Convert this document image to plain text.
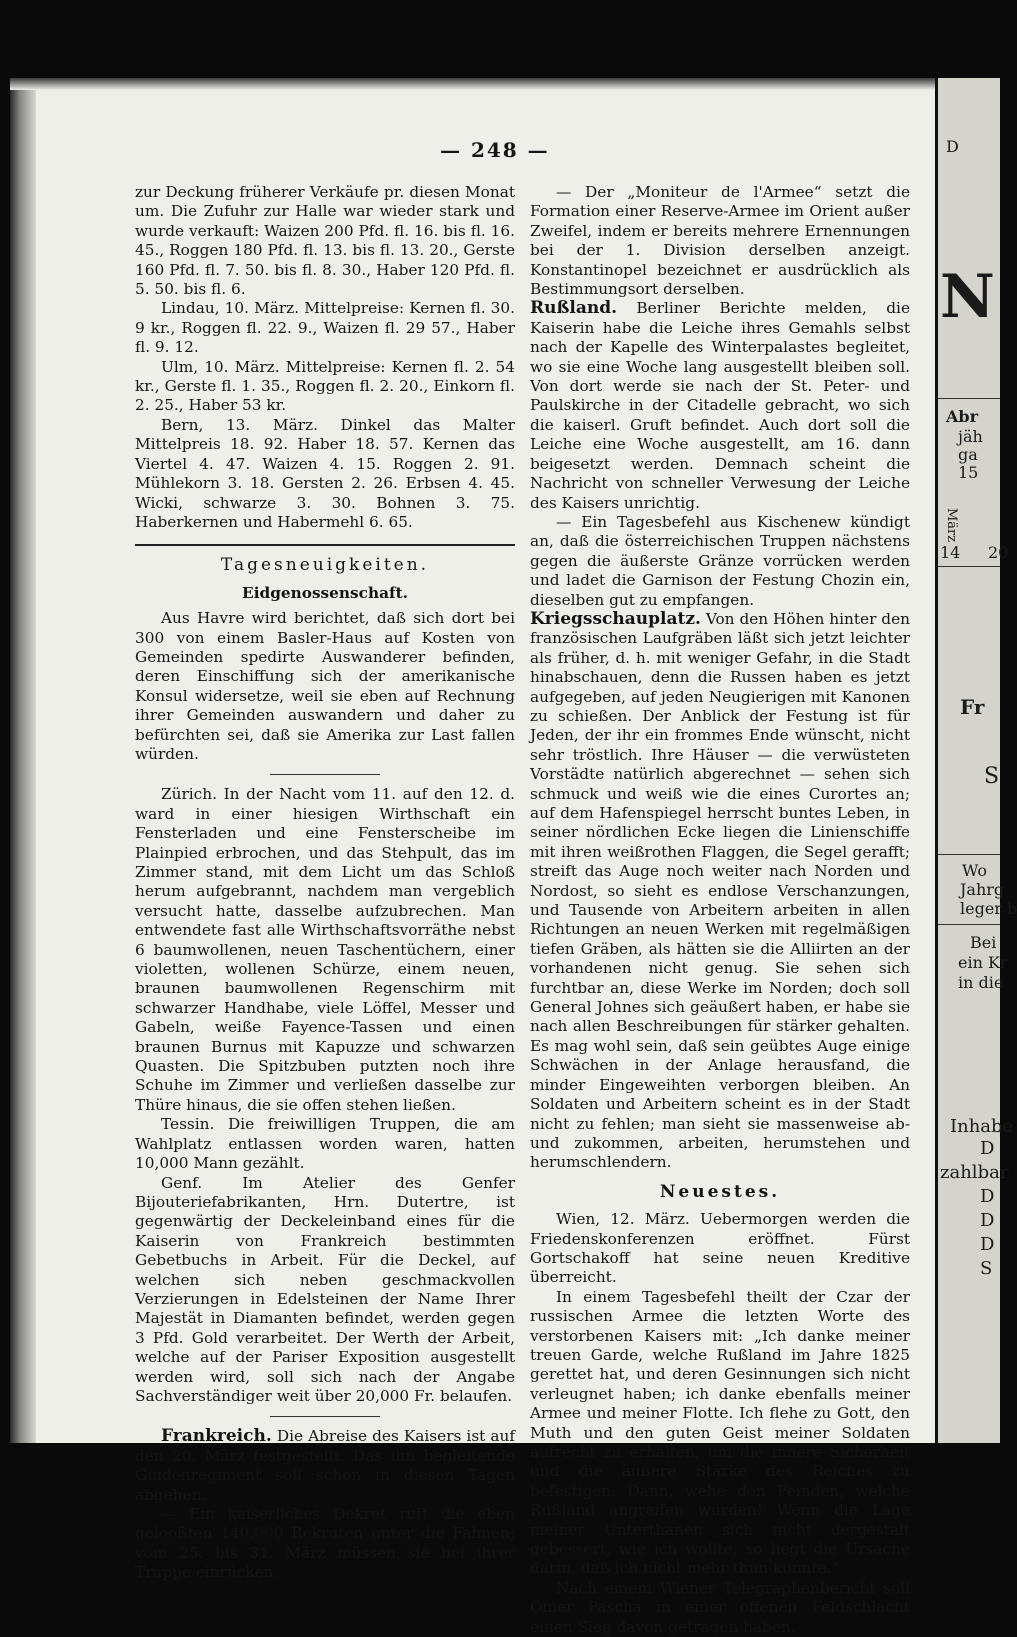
— 248 —

zur Deckung früherer Verkäufe pr. diesen Monat um. Die Zufuhr zur Halle war wieder stark und wurde verkauft: Waizen 200 Pfd. fl. 16. bis fl. 16. 45., Roggen 180 Pfd. fl. 13. bis fl. 13. 20., Gerste 160 Pfd. fl. 7. 50. bis fl. 8. 30., Haber 120 Pfd. fl. 5. 50. bis fl. 6.

Lindau, 10. März. Mittelpreise: Kernen fl. 30. 9 kr., Roggen fl. 22. 9., Waizen fl. 29 57., Haber fl. 9. 12.

Ulm, 10. März. Mittelpreise: Kernen fl. 2. 54 kr., Gerste fl. 1. 35., Roggen fl. 2. 20., Einkorn fl. 2. 25., Haber 53 kr.

Bern, 13. März. Dinkel das Malter Mittelpreis 18. 92. Haber 18. 57. Kernen das Viertel 4. 47. Waizen 4. 15. Roggen 2. 91. Mühlekorn 3. 18. Gersten 2. 26. Erbsen 4. 45. Wicki, schwarze 3. 30. Bohnen 3. 75. Haberkernen und Habermehl 6. 65.

Tagesneuigkeiten.

Eidgenossenschaft.

Aus Havre wird berichtet, daß sich dort bei 300 von einem Basler-Haus auf Kosten von Gemeinden spedirte Auswanderer befinden, deren Einschiffung sich der amerikanische Konsul widersetze, weil sie eben auf Rechnung ihrer Gemeinden auswandern und daher zu befürchten sei, daß sie Amerika zur Last fallen würden.

Zürich. In der Nacht vom 11. auf den 12. d. ward in einer hiesigen Wirthschaft ein Fensterladen und eine Fensterscheibe im Plainpied erbrochen, und das Stehpult, das im Zimmer stand, mit dem Licht um das Schloß herum aufgebrannt, nachdem man vergeblich versucht hatte, dasselbe aufzubrechen. Man entwendete fast alle Wirthschaftsvorräthe nebst 6 baumwollenen, neuen Taschentüchern, einer violetten, wollenen Schürze, einem neuen, braunen baumwollenen Regenschirm mit schwarzer Handhabe, viele Löffel, Messer und Gabeln, weiße Fayence-Tassen und einen braunen Burnus mit Kapuzze und schwarzen Quasten. Die Spitzbuben putzten noch ihre Schuhe im Zimmer und verließen dasselbe zur Thüre hinaus, die sie offen stehen ließen.

Tessin. Die freiwilligen Truppen, die am Wahlplatz entlassen worden waren, hatten 10,000 Mann gezählt.

Genf. Im Atelier des Genfer Bijouteriefabrikanten, Hrn. Dutertre, ist gegenwärtig der Deckeleinband eines für die Kaiserin von Frankreich bestimmten Gebetbuchs in Arbeit. Für die Deckel, auf welchen sich neben geschmackvollen Verzierungen in Edelsteinen der Name Ihrer Majestät in Diamanten befindet, werden gegen 3 Pfd. Gold verarbeitet. Der Werth der Arbeit, welche auf der Pariser Exposition ausgestellt werden wird, soll sich nach der Angabe Sachverständiger weit über 20,000 Fr. belaufen.

Frankreich. Die Abreise des Kaisers ist auf den 20. März festgestellt. Das ihn begleitende Guidenregiment soll schon in diesen Tagen abgehen.

— Ein kaiserliches Dekret ruft die eben gelooßten 140,000 Rekruten unter die Fahnen; vom 25. bis 31. März müssen sie bei ihrer Truppe einrücken.

— Der „Moniteur de l'Armee“ setzt die Formation einer Reserve-Armee im Orient außer Zweifel, indem er bereits mehrere Ernennungen bei der 1. Division derselben anzeigt. Konstantinopel bezeichnet er ausdrücklich als Bestimmungsort derselben.

Rußland. Berliner Berichte melden, die Kaiserin habe die Leiche ihres Gemahls selbst nach der Kapelle des Winterpalastes begleitet, wo sie eine Woche lang ausgestellt bleiben soll. Von dort werde sie nach der St. Peter- und Paulskirche in der Citadelle gebracht, wo sich die kaiserl. Gruft befindet. Auch dort soll die Leiche eine Woche ausgestellt, am 16. dann beigesetzt werden. Demnach scheint die Nachricht von schneller Verwesung der Leiche des Kaisers unrichtig.

— Ein Tagesbefehl aus Kischenew kündigt an, daß die österreichischen Truppen nächstens gegen die äußerste Gränze vorrücken werden und ladet die Garnison der Festung Chozin ein, dieselben gut zu empfangen.

Kriegsschauplatz. Von den Höhen hinter den französischen Laufgräben läßt sich jetzt leichter als früher, d. h. mit weniger Gefahr, in die Stadt hinabschauen, denn die Russen haben es jetzt aufgegeben, auf jeden Neugierigen mit Kanonen zu schießen. Der Anblick der Festung ist für Jeden, der ihr ein frommes Ende wünscht, nicht sehr tröstlich. Ihre Häuser — die verwüsteten Vorstädte natürlich abgerechnet — sehen sich schmuck und weiß wie die eines Curortes an; auf dem Hafenspiegel herrscht buntes Leben, in seiner nördlichen Ecke liegen die Linienschiffe mit ihren weißrothen Flaggen, die Segel gerafft; streift das Auge noch weiter nach Norden und Nordost, so sieht es endlose Verschanzungen, und Tausende von Arbeitern arbeiten in allen Richtungen an neuen Werken mit regelmäßigen tiefen Gräben, als hätten sie die Alliirten an der vorhandenen nicht genug. Sie sehen sich furchtbar an, diese Werke im Norden; doch soll General Johnes sich geäußert haben, er habe sie nach allen Beschreibungen für stärker gehalten. Es mag wohl sein, daß sein geübtes Auge einige Schwächen in der Anlage herausfand, die minder Eingeweihten verborgen bleiben. An Soldaten und Arbeitern scheint es in der Stadt nicht zu fehlen; man sieht sie massenweise ab- und zukommen, arbeiten, herumstehen und herumschlendern.

Neuestes.

Wien, 12. März. Uebermorgen werden die Friedenskonferenzen eröffnet. Fürst Gortschakoff hat seine neuen Kreditive überreicht.

In einem Tagesbefehl theilt der Czar der russischen Armee die letzten Worte des verstorbenen Kaisers mit: „Ich danke meiner treuen Garde, welche Rußland im Jahre 1825 gerettet hat, und deren Gesinnungen sich nicht verleugnet haben; ich danke ebenfalls meiner Armee und meiner Flotte. Ich flehe zu Gott, den Muth und den guten Geist meiner Soldaten aufrecht zu erhalten, um die innere Sicherheit und die äußere Stärke des Reiches zu befestigen. Dann, wehe den Feinden, welche Rußland angreifen würden! Wenn die Lage meiner Unterthanen sich nicht dergestalt gebessert, wie ich wollte, so liegt die Ursache darin, daß ich nicht mehr thun konnte.“

Nach einem Wiener Telegraphenbericht soll Omer Pascha in einer offenen Feldschlacht einen Sieg davon getragen haben.

D
N
Abr
jäh
ga
15
März
14 20
Fr
S
Wo
Jahrg
leger b
Bei
ein Kr
in die
Inhabe
D
zahlbar
D
D
D
S
